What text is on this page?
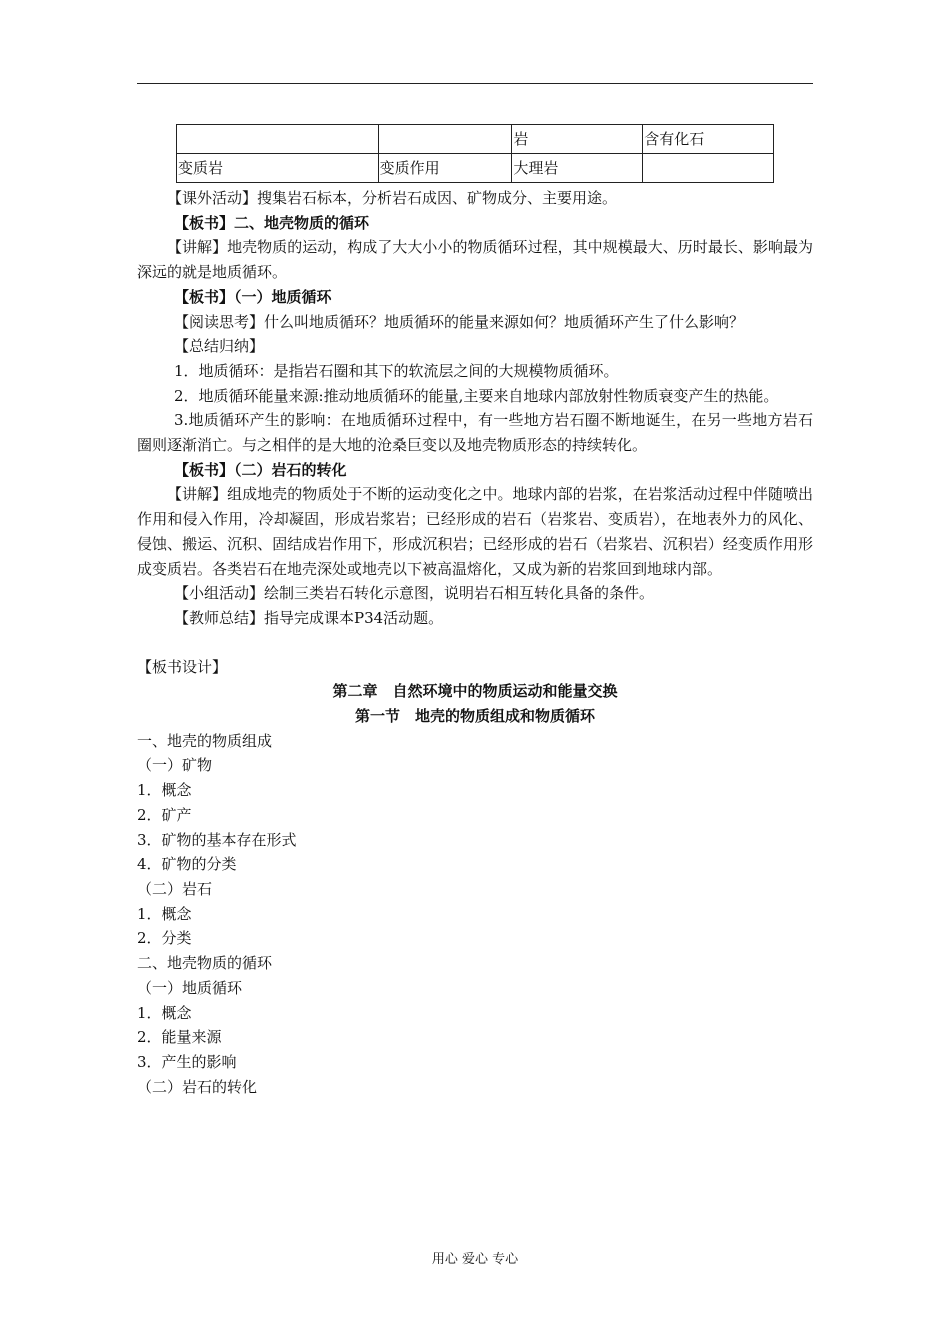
		岩	含有化石
变质岩	变质作用	大理岩	

【课外活动】搜集岩石标本，分析岩石成因、矿物成分、主要用途。

【板书】二、地壳物质的循环

【讲解】地壳物质的运动，构成了大大小小的物质循环过程，其中规模最大、历时最长、影响最为深远的就是地质循环。

【板书】（一）地质循环

【阅读思考】什么叫地质循环？地质循环的能量来源如何？地质循环产生了什么影响？

【总结归纳】

1．地质循环：是指岩石圈和其下的软流层之间的大规模物质循环。

2．地质循环能量来源:推动地质循环的能量,主要来自地球内部放射性物质衰变产生的热能。

3.地质循环产生的影响：在地质循环过程中，有一些地方岩石圈不断地诞生，在另一些地方岩石圈则逐渐消亡。与之相伴的是大地的沧桑巨变以及地壳物质形态的持续转化。

【板书】（二）岩石的转化

【讲解】组成地壳的物质处于不断的运动变化之中。地球内部的岩浆，在岩浆活动过程中伴随喷出作用和侵入作用，冷却凝固，形成岩浆岩；已经形成的岩石（岩浆岩、变质岩），在地表外力的风化、侵蚀、搬运、沉积、固结成岩作用下，形成沉积岩；已经形成的岩石（岩浆岩、沉积岩）经变质作用形成变质岩。各类岩石在地壳深处或地壳以下被高温熔化，又成为新的岩浆回到地球内部。

【小组活动】绘制三类岩石转化示意图，说明岩石相互转化具备的条件。

【教师总结】指导完成课本P34活动题。

【板书设计】

第二章　自然环境中的物质运动和能量交换

第一节　地壳的物质组成和物质循环

一、地壳的物质组成

（一）矿物

1．概念

2．矿产

3．矿物的基本存在形式

4．矿物的分类

（二）岩石

1．概念

2．分类

二、地壳物质的循环

（一）地质循环

1．概念

2．能量来源

3．产生的影响

（二）岩石的转化

用心 爱心 专心
